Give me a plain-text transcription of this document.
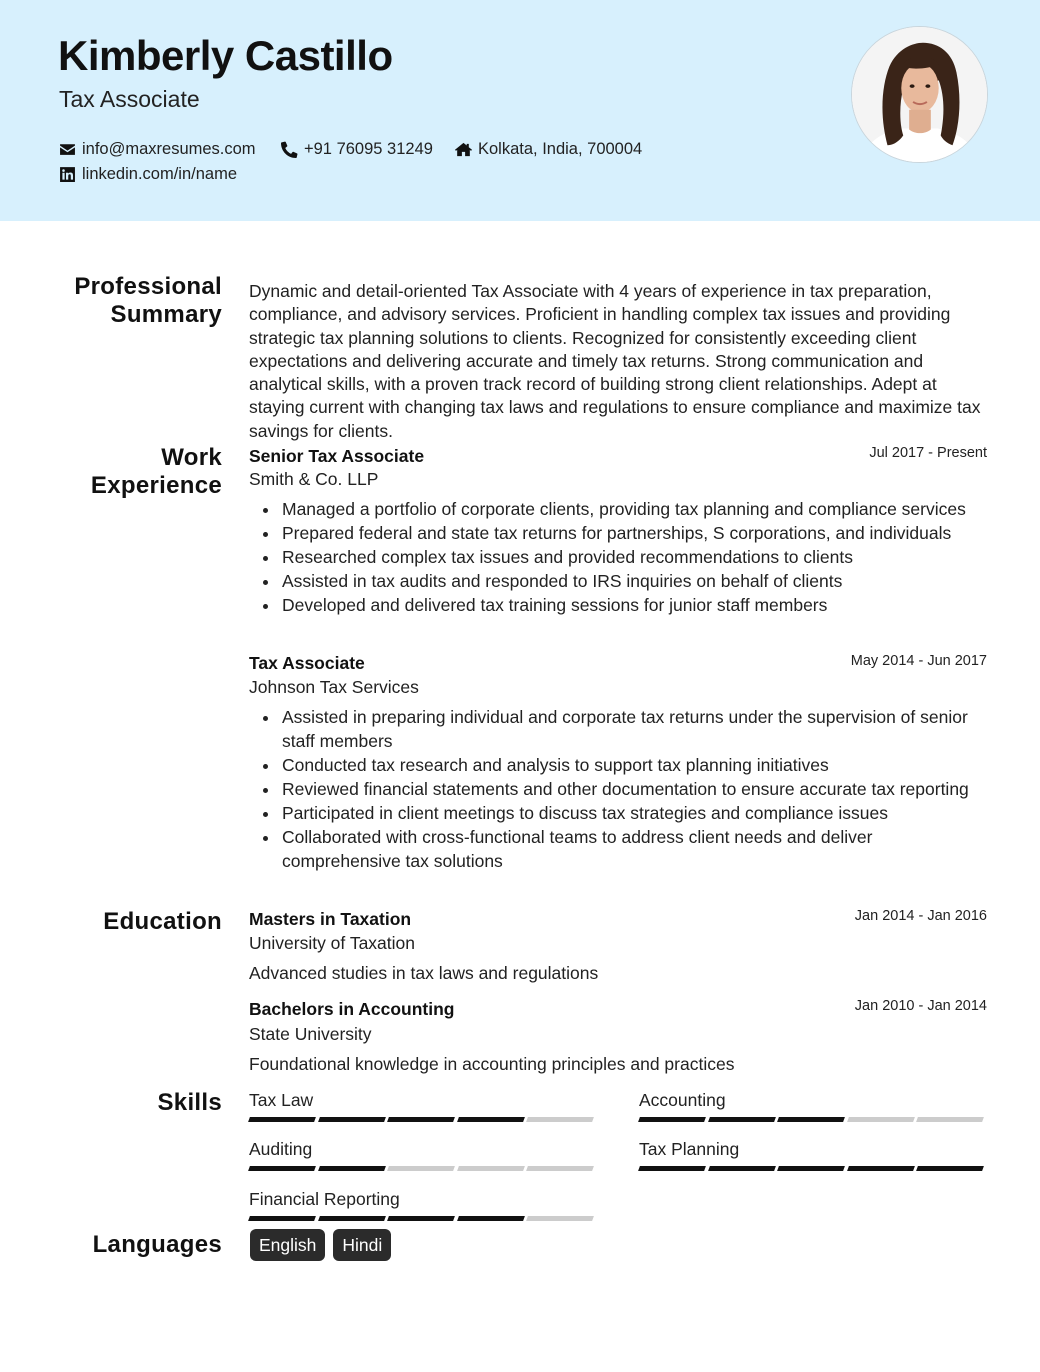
Kimberly Castillo
Tax Associate
info@maxresumes.com	+91 76095 31249	Kolkata, India, 700004
linkedin.com/in/name
Professional
Summary
Dynamic and detail-oriented Tax Associate with 4 years of experience in tax preparation, compliance, and advisory services. Proficient in handling complex tax issues and providing strategic tax planning solutions to clients. Recognized for consistently exceeding client expectations and delivering accurate and timely tax returns. Strong communication and analytical skills, with a proven track record of building strong client relationships. Adept at staying current with changing tax laws and regulations to ensure compliance and maximize tax savings for clients.
Work
Experience
Senior Tax Associate	Jul 2017 - Present
Smith & Co. LLP
Managed a portfolio of corporate clients, providing tax planning and compliance services
Prepared federal and state tax returns for partnerships, S corporations, and individuals
Researched complex tax issues and provided recommendations to clients
Assisted in tax audits and responded to IRS inquiries on behalf of clients
Developed and delivered tax training sessions for junior staff members
Tax Associate	May 2014 - Jun 2017
Johnson Tax Services
Assisted in preparing individual and corporate tax returns under the supervision of senior staff members
Conducted tax research and analysis to support tax planning initiatives
Reviewed financial statements and other documentation to ensure accurate tax reporting
Participated in client meetings to discuss tax strategies and compliance issues
Collaborated with cross-functional teams to address client needs and deliver comprehensive tax solutions
Education Masters in Taxation	Jan 2014 - Jan 2016
University of Taxation
Advanced studies in tax laws and regulations
Bachelors in Accounting	Jan 2010 - Jan 2014
State University
Foundational knowledge in accounting principles and practices
Skills Tax Law	Accounting
Auditing	Tax Planning
Financial Reporting
Languages	English	Hindi
